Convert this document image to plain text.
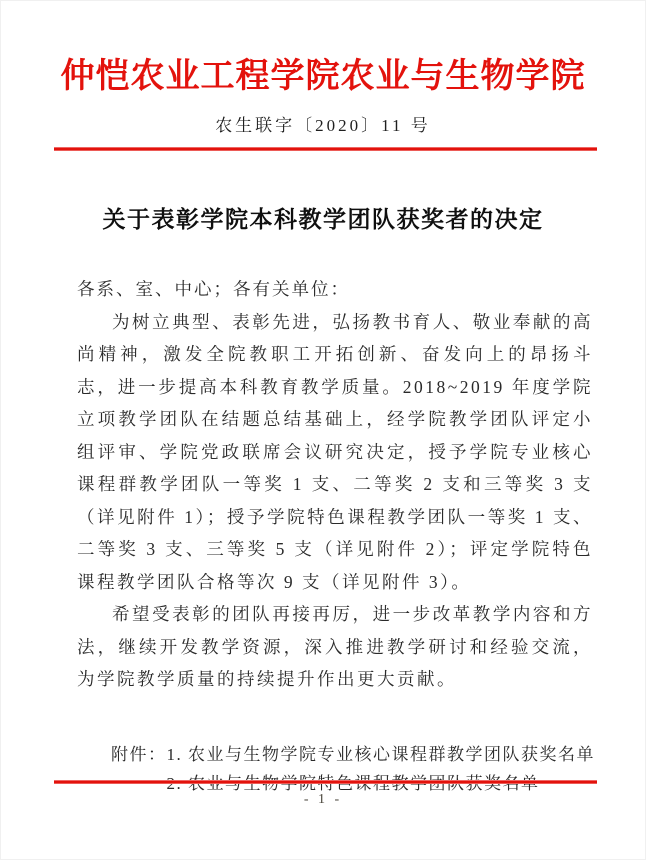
仲恺农业工程学院农业与生物学院
农生联字〔2020〕11 号
关于表彰学院本科教学团队获奖者的决定
各系、室、中心；各有关单位：

为树立典型、表彰先进，弘扬教书育人、敬业奉献的高尚精神，激发全院教职工开拓创新、奋发向上的昂扬斗志，进一步提高本科教育教学质量。2018~2019 年度学院立项教学团队在结题总结基础上，经学院教学团队评定小组评审、学院党政联席会议研究决定，授予学院专业核心课程群教学团队一等奖 1 支、二等奖 2 支和三等奖 3 支（详见附件 1）；授予学院特色课程教学团队一等奖 1 支、二等奖 3 支、三等奖 5 支（详见附件 2）；评定学院特色课程教学团队合格等次 9 支（详见附件 3）。

希望受表彰的团队再接再厉，进一步改革教学内容和方法，继续开发教学资源，深入推进教学研讨和经验交流，为学院教学质量的持续提升作出更大贡献。

附件： 1. 农业与生物学院专业核心课程群教学团队获奖名单
- 1 -
